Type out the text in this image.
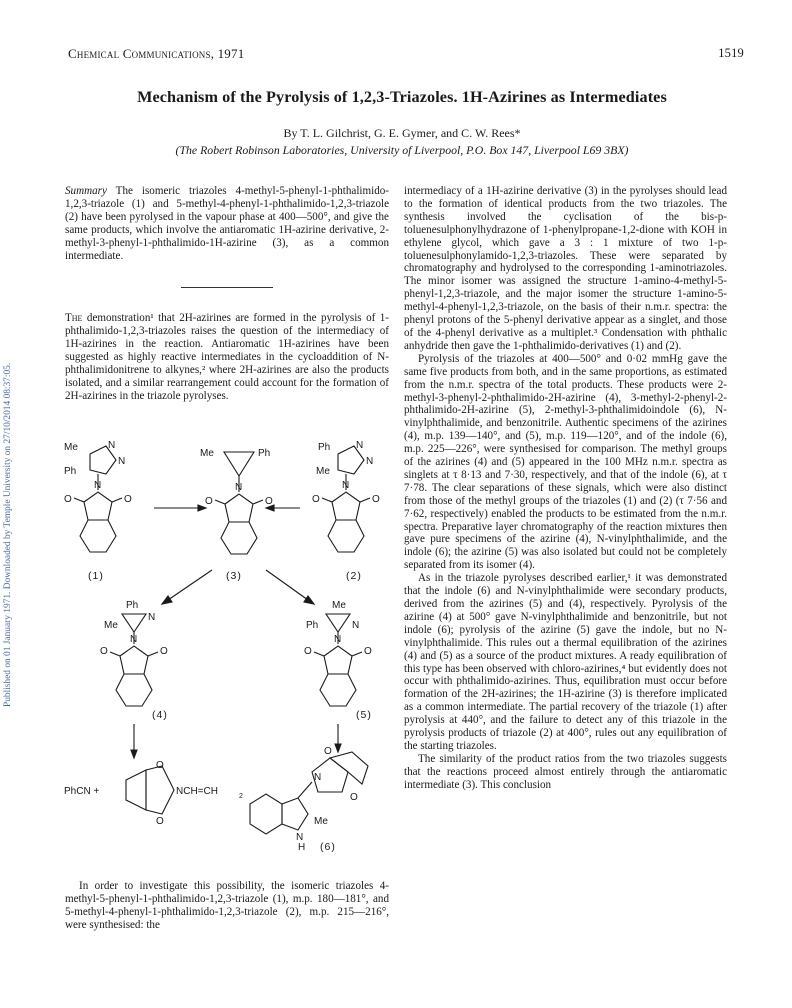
Published on 01 January 1971. Downloaded by Temple University on 27/10/2014 08:37:05.
Chemical Communications, 1971	1519
Mechanism of the Pyrolysis of 1,2,3-Triazoles. 1H-Azirines as Intermediates
By T. L. Gilchrist, G. E. Gymer, and C. W. Rees*
(The Robert Robinson Laboratories, University of Liverpool, P.O. Box 147, Liverpool L69 3BX)

Summary The isomeric triazoles 4-methyl-5-phenyl-1-phthalimido-1,2,3-triazole (1) and 5-methyl-4-phenyl-1-phthalimido-1,2,3-triazole (2) have been pyrolysed in the vapour phase at 400—500°, and give the same products, which involve the antiaromatic 1H-azirine derivative, 2-methyl-3-phenyl-1-phthalimido-1H-azirine (3), as a common intermediate.

The demonstration¹ that 2H-azirines are formed in the pyrolysis of 1-phthalimido-1,2,3-triazoles raises the question of the intermediacy of 1H-azirines in the reaction. Antiaromatic 1H-azirines have been suggested as highly reactive intermediates in the cycloaddition of N-phthalimidonitrene to alkynes,² where 2H-azirines are also the products isolated, and a similar rearrangement could account for the formation of 2H-azirines in the triazole pyrolyses.

Me
Ph
N
N
N
O	O
(1)
Me	Ph
N
O	O
(3)
Ph
Me
N
N
N
O	O
(2)
Ph
Me
N
N
O	O
(4)
Me
Ph	N
N
O	O
(5)
PhCN +	NCH=CH	2
O
O
N
H
Me
N
O
O
(6)

In order to investigate this possibility, the isomeric triazoles 4-methyl-5-phenyl-1-phthalimido-1,2,3-triazole (1), m.p. 180—181°, and 5-methyl-4-phenyl-1-phthalimido-1,2,3-triazole (2), m.p. 215—216°, were synthesised: the

intermediacy of a 1H-azirine derivative (3) in the pyrolyses should lead to the formation of identical products from the two triazoles. The synthesis involved the cyclisation of the bis-p-toluenesulphonylhydrazone of 1-phenylpropane-1,2-dione with KOH in ethylene glycol, which gave a 3 : 1 mixture of two 1-p-toluenesulphonylamido-1,2,3-triazoles. These were separated by chromatography and hydrolysed to the corresponding 1-aminotriazoles. The minor isomer was assigned the structure 1-amino-4-methyl-5-phenyl-1,2,3-triazole, and the major isomer the structure 1-amino-5-methyl-4-phenyl-1,2,3-triazole, on the basis of their n.m.r. spectra: the phenyl protons of the 5-phenyl derivative appear as a singlet, and those of the 4-phenyl derivative as a multiplet.³ Condensation with phthalic anhydride then gave the 1-phthalimido-derivatives (1) and (2).

Pyrolysis of the triazoles at 400—500° and 0·02 mmHg gave the same five products from both, and in the same proportions, as estimated from the n.m.r. spectra of the total products. These products were 2-methyl-3-phenyl-2-phthalimido-2H-azirine (4), 3-methyl-2-phenyl-2-phthalimido-2H-azirine (5), 2-methyl-3-phthalimidoindole (6), N-vinylphthalimide, and benzonitrile. Authentic specimens of the azirines (4), m.p. 139—140°, and (5), m.p. 119—120°, and of the indole (6), m.p. 225—226°, were synthesised for comparison. The methyl groups of the azirines (4) and (5) appeared in the 100 MHz n.m.r. spectra as singlets at τ 8·13 and 7·30, respectively, and that of the indole (6), at τ 7·78. The clear separations of these signals, which were also distinct from those of the methyl groups of the triazoles (1) and (2) (τ 7·56 and 7·62, respectively) enabled the products to be estimated from the n.m.r. spectra. Preparative layer chromatography of the reaction mixtures then gave pure specimens of the azirine (4), N-vinylphthalimide, and the indole (6); the azirine (5) was also isolated but could not be completely separated from its isomer (4).

As in the triazole pyrolyses described earlier,¹ it was demonstrated that the indole (6) and N-vinylphthalimide were secondary products, derived from the azirines (5) and (4), respectively. Pyrolysis of the azirine (4) at 500° gave N-vinylphthalimide and benzonitrile, but not indole (6); pyrolysis of the azirine (5) gave the indole, but no N-vinylphthalimide. This rules out a thermal equilibration of the azirines (4) and (5) as a source of the product mixtures. A ready equilibration of this type has been observed with chloro-azirines,⁴ but evidently does not occur with phthalimido-azirines. Thus, equilibration must occur before formation of the 2H-azirines; the 1H-azirine (3) is therefore implicated as a common intermediate. The partial recovery of the triazole (1) after pyrolysis at 440°, and the failure to detect any of this triazole in the pyrolysis products of triazole (2) at 400°, rules out any equilibration of the starting triazoles.

The similarity of the product ratios from the two triazoles suggests that the reactions proceed almost entirely through the antiaromatic intermediate (3). This conclusion
